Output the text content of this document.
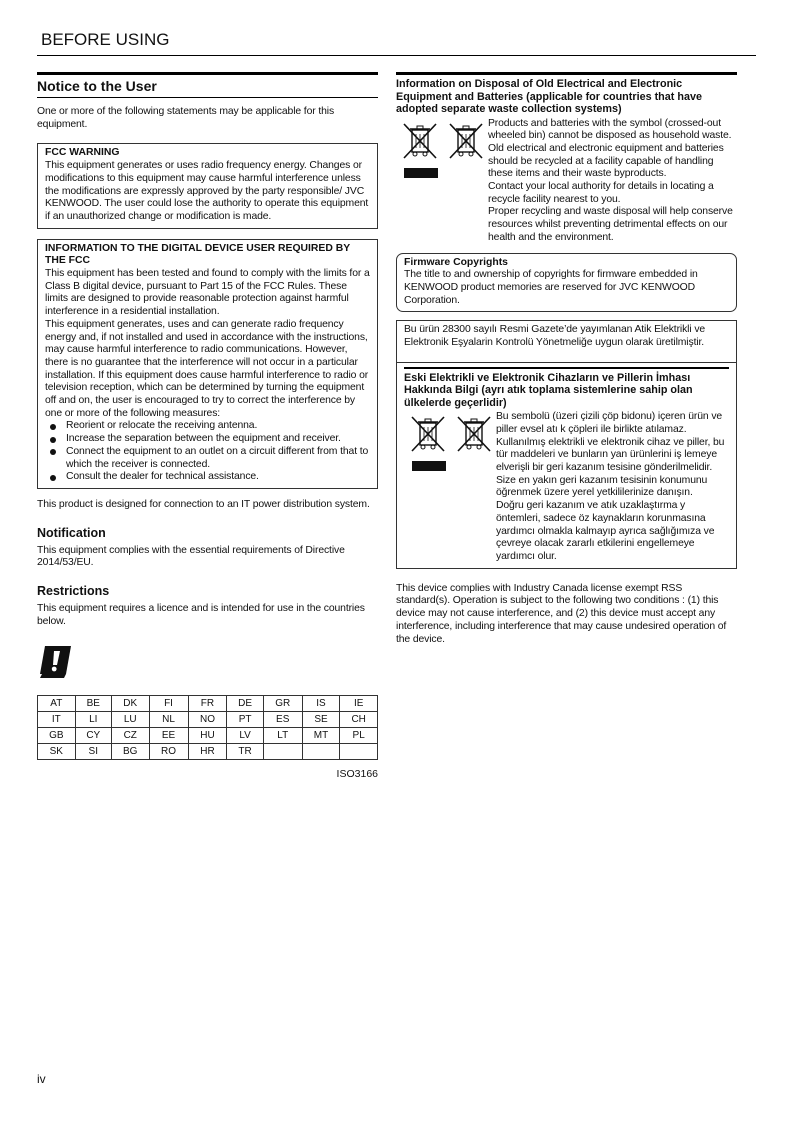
BEFORE USING
Notice to the User

One or more of the following statements may be applicable for this equipment.

FCC WARNING

This equipment generates or uses radio frequency energy. Changes or modifications to this equipment may cause harmful interference unless the modifications are expressly approved by the party responsible/ JVC KENWOOD. The user could lose the authority to operate this equipment if an unauthorized change or modification is made.

INFORMATION TO THE DIGITAL DEVICE USER REQUIRED BY THE FCC

This equipment has been tested and found to comply with the limits for a Class B digital device, pursuant to Part 15 of the FCC Rules. These limits are designed to provide reasonable protection against harmful interference in a residential installation.

This equipment generates, uses and can generate radio frequency energy and, if not installed and used in accordance with the instructions, may cause harmful interference to radio communications. However, there is no guarantee that the interference will not occur in a particular installation. If this equipment does cause harmful interference to radio or television reception, which can be determined by turning the equipment off and on, the user is encouraged to try to correct the interference by one or more of the following measures:

Reorient or relocate the receiving antenna.
Increase the separation between the equipment and receiver.
Connect the equipment to an outlet on a circuit different from that to which the receiver is connected.
Consult the dealer for technical assistance.

This product is designed for connection to an IT power distribution system.

Notification

This equipment complies with the essential requirements of Directive 2014/53/EU.

Restrictions

This equipment requires a licence and is intended for use in the countries below.

AT	BE	DK	FI	FR	DE	GR	IS	IE
IT	LI	LU	NL	NO	PT	ES	SE	CH
GB	CY	CZ	EE	HU	LV	LT	MT	PL
SK	SI	BG	RO	HR	TR			
ISO3166
Information on Disposal of Old Electrical and Electronic Equipment and Batteries (applicable for countries that have adopted separate waste collection systems)

Products and batteries with the symbol (crossed-out wheeled bin) cannot be disposed as household waste.

Old electrical and electronic equipment and batteries should be recycled at a facility capable of handling these items and their waste byproducts.

Contact your local authority for details in locating a recycle facility nearest to you.

Proper recycling and waste disposal will help conserve resources whilst preventing detrimental effects on our health and the environment.

Firmware Copyrights

The title to and ownership of copyrights for firmware embedded in KENWOOD product memories are reserved for JVC KENWOOD Corporation.

Bu ürün 28300 sayılı Resmi Gazete’de yayımlanan Atik Elektrikli ve Elektronik Eşyalarin Kontrolü Yönetmeliğe uygun olarak üretilmiştir.

Eski Elektrikli ve Elektronik Cihazların ve Pillerin İmhası Hakkında Bilgi (ayrı atık toplama sistemlerine sahip olan ülkelerde geçerlidir)

Bu sembolü (üzeri çizili çöp bidonu) içeren ürün ve piller evsel atı k çöpleri ile birlikte atılamaz.

Kullanılmış elektrikli ve elektronik cihaz ve piller, bu tür maddeleri ve bunların yan ürünlerini iş lemeye elverişli bir geri kazanım tesisine gönderilmelidir.

Size en yakın geri kazanım tesisinin konumunu öğrenmek üzere yerel yetkililerinize danışın.

Doğru geri kazanım ve atık uzaklaştırma y öntemleri, sadece öz kaynakların korunmasına yardımcı olmakla kalmayıp ayrıca sağlığımıza ve çevreye olacak zararlı etkilerini engellemeye yardımcı olur.

This device complies with Industry Canada license exempt RSS standard(s). Operation is subject to the following two conditions : (1) this device may not cause interference, and (2) this device must accept any interference, including interference that may cause undesired operation of the device.

iv
